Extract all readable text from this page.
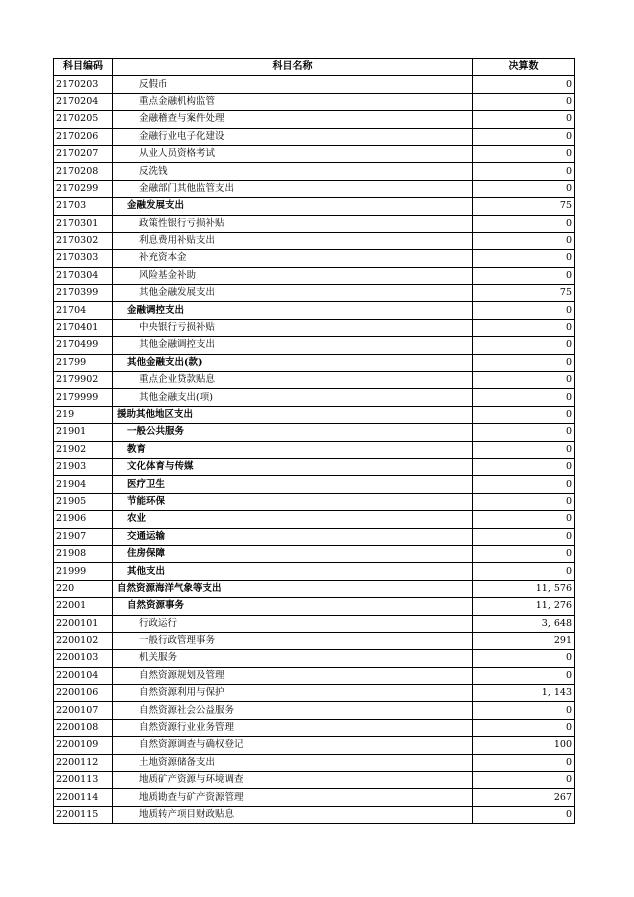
科目编码	科目名称	决算数
2170203	反假币	0
2170204	重点金融机构监管	0
2170205	金融稽查与案件处理	0
2170206	金融行业电子化建设	0
2170207	从业人员资格考试	0
2170208	反洗钱	0
2170299	金融部门其他监管支出	0
21703	金融发展支出	75
2170301	政策性银行亏损补贴	0
2170302	利息费用补贴支出	0
2170303	补充资本金	0
2170304	风险基金补助	0
2170399	其他金融发展支出	75
21704	金融调控支出	0
2170401	中央银行亏损补贴	0
2170499	其他金融调控支出	0
21799	其他金融支出(款)	0
2179902	重点企业贷款贴息	0
2179999	其他金融支出(项)	0
219	援助其他地区支出	0
21901	一般公共服务	0
21902	教育	0
21903	文化体育与传媒	0
21904	医疗卫生	0
21905	节能环保	0
21906	农业	0
21907	交通运输	0
21908	住房保障	0
21999	其他支出	0
220	自然资源海洋气象等支出	11, 576
22001	自然资源事务	11, 276
2200101	行政运行	3, 648
2200102	一般行政管理事务	291
2200103	机关服务	0
2200104	自然资源规划及管理	0
2200106	自然资源利用与保护	1, 143
2200107	自然资源社会公益服务	0
2200108	自然资源行业业务管理	0
2200109	自然资源调查与确权登记	100
2200112	土地资源储备支出	0
2200113	地质矿产资源与环境调查	0
2200114	地质勘查与矿产资源管理	267
2200115	地质转产项目财政贴息	0
